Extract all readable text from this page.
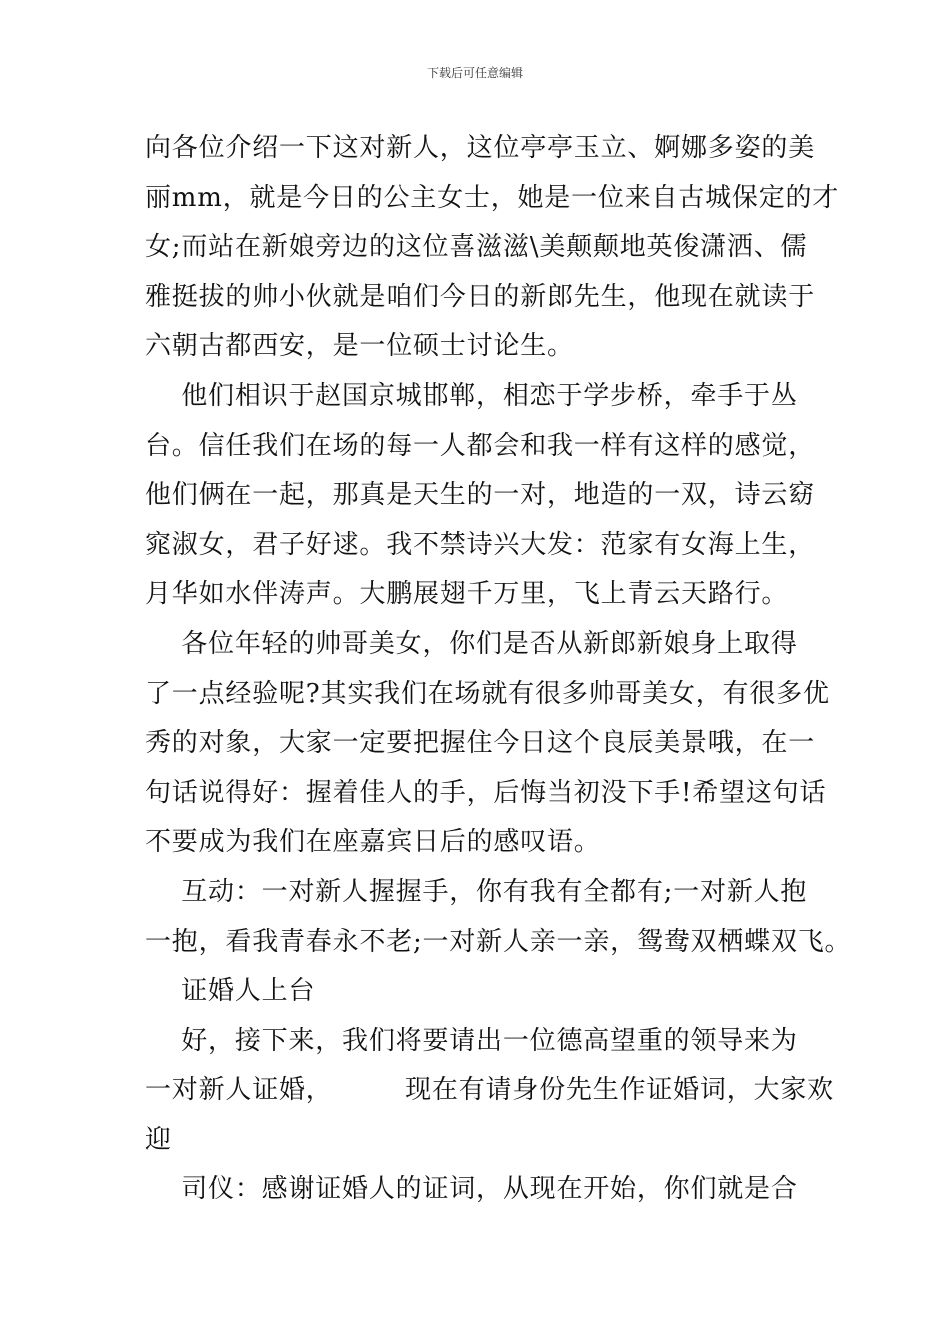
下载后可任意编辑
向各位介绍一下这对新人，这位亭亭玉立、婀娜多姿的美
丽mm，就是今日的公主女士，她是一位来自古城保定的才
女;而站在新娘旁边的这位喜滋滋\美颠颠地英俊潇洒、儒
雅挺拔的帅小伙就是咱们今日的新郎先生，他现在就读于
六朝古都西安，是一位硕士讨论生。
他们相识于赵国京城邯郸，相恋于学步桥，牵手于丛
台。信任我们在场的每一人都会和我一样有这样的感觉，
他们俩在一起，那真是天生的一对，地造的一双，诗云窈
窕淑女，君子好逑。我不禁诗兴大发：范家有女海上生，
月华如水伴涛声。大鹏展翅千万里，飞上青云天路行。
各位年轻的帅哥美女，你们是否从新郎新娘身上取得
了一点经验呢?其实我们在场就有很多帅哥美女，有很多优
秀的对象，大家一定要把握住今日这个良辰美景哦，在一
句话说得好：握着佳人的手，后悔当初没下手!希望这句话
不要成为我们在座嘉宾日后的感叹语。
互动：一对新人握握手，你有我有全都有;一对新人抱
一抱，看我青春永不老;一对新人亲一亲，鸳鸯双栖蝶双飞。
证婚人上台
好，接下来，我们将要请出一位德高望重的领导来为
一对新人证婚，        现在有请身份先生作证婚词，大家欢
迎
司仪：感谢证婚人的证词，从现在开始，你们就是合
